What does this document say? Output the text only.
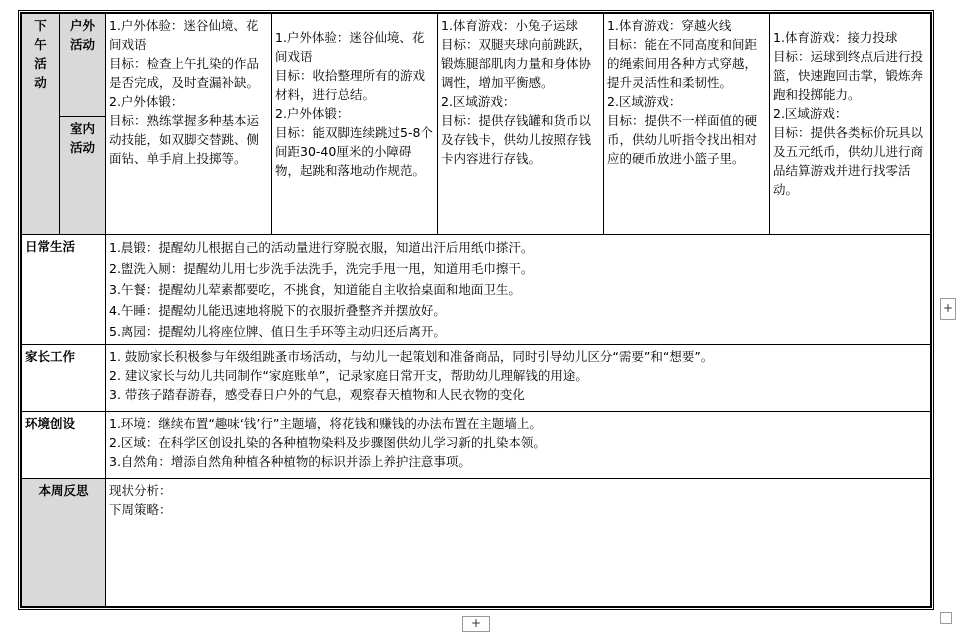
下午活动	户外活动	1.户外体验：迷谷仙境、花间戏语
目标：检查上午扎染的作品是否完成，及时查漏补缺。
2.户外体锻：
目标：熟练掌握多种基本运动技能，如双脚交替跳、侧面钻、单手肩上投掷等。	1.户外体验：迷谷仙境、花间戏语
目标：收拾整理所有的游戏材料，进行总结。
2.户外体锻：
目标：能双脚连续跳过5-8个间距30-40厘米的小障碍物，起跳和落地动作规范。	1.体育游戏：小兔子运球
目标：双腿夹球向前跳跃，锻炼腿部肌肉力量和身体协调性，增加平衡感。
2.区域游戏：
目标：提供存钱罐和货币以及存钱卡，供幼儿按照存钱卡内容进行存钱。	1.体育游戏：穿越火线
目标：能在不同高度和间距的绳索间用各种方式穿越，提升灵活性和柔韧性。
2.区域游戏：
目标：提供不一样面值的硬币，供幼儿听指令找出相对应的硬币放进小篮子里。	1.体育游戏：接力投球
目标：运球到终点后进行投篮，快速跑回击掌，锻炼奔跑和投掷能力。
2.区域游戏：
目标：提供各类标价玩具以及五元纸币，供幼儿进行商品结算游戏并进行找零活动。

	室内活动					
日常生活		1.晨锻：提醒幼儿根据自己的活动量进行穿脱衣服，知道出汗后用纸巾搽汗。
2.盥洗入厕：提醒幼儿用七步洗手法洗手，洗完手甩一甩，知道用毛巾擦干。
3.午餐：提醒幼儿荤素都要吃，不挑食，知道能自主收拾桌面和地面卫生。
4.午睡：提醒幼儿能迅速地将脱下的衣服折叠整齐并摆放好。
5.离园：提醒幼儿将座位牌、值日生手环等主动归还后离开。				

家长工作		1. 鼓励家长积极参与年级组跳蚤市场活动，与幼儿一起策划和准备商品，同时引导幼儿区分“需要”和“想要”。
2. 建议家长与幼儿共同制作“家庭账单”，记录家庭日常开支，帮助幼儿理解钱的用途。
3. 带孩子踏春游春，感受春日户外的气息，观察春天植物和人民衣物的变化				

环境创设		1.环境：继续布置“趣味‘钱’行”主题墙，将花钱和赚钱的办法布置在主题墙上。
2.区域：在科学区创设扎染的各种植物染料及步骤图供幼儿学习新的扎染本领。
3.自然角：增添自然角种植各种植物的标识并添上养护注意事项。				

本周反思		现状分析：
下周策略：				
+
+
